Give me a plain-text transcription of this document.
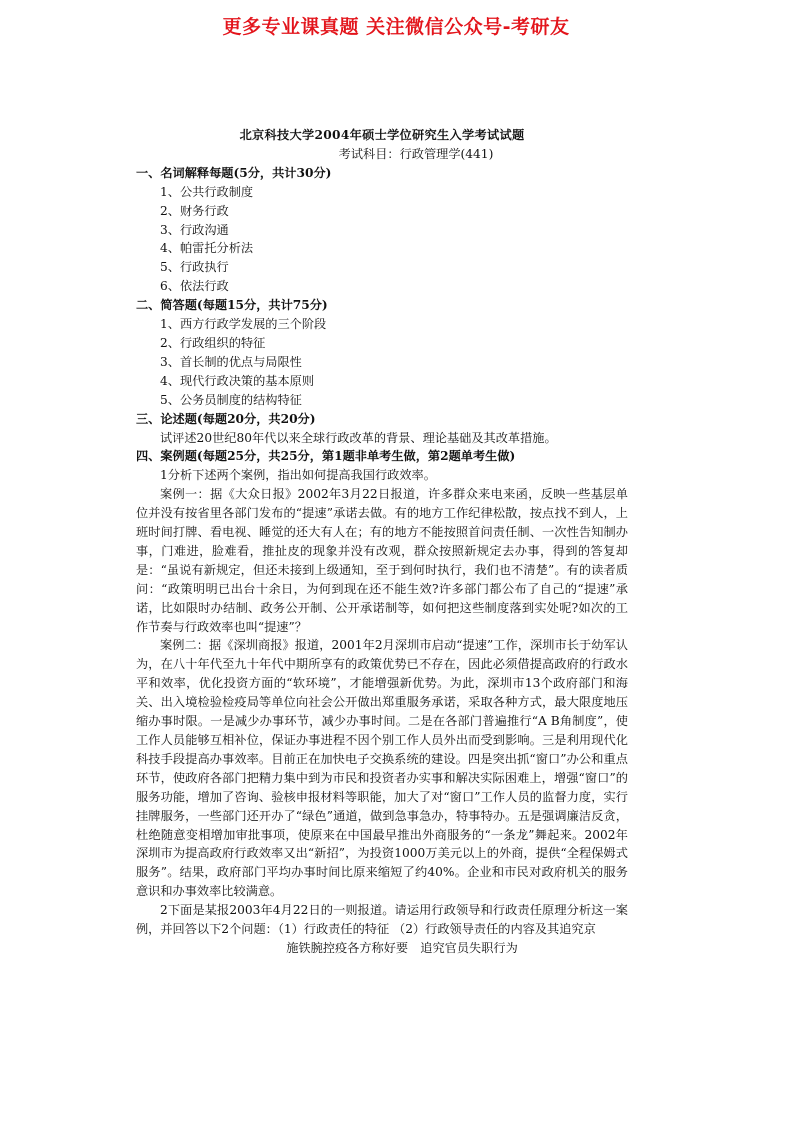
更多专业课真题 关注微信公众号-考研友
北京科技大学2004年硕士学位研究生入学考试试题
考试科目：行政管理学(441)
一、名词解释每题(5分，共计30分)
1、公共行政制度
2、财务行政
3、行政沟通
4、帕雷托分析法
5、行政执行
6、依法行政
二、简答题(每题15分，共计75分)
1、西方行政学发展的三个阶段
2、行政组织的特征
3、首长制的优点与局限性
4、现代行政决策的基本原则
5、公务员制度的结构特征
三、论述题(每题20分，共20分)
试评述20世纪80年代以来全球行政改革的背景、理论基础及其改革措施。
四、案例题(每题25分，共25分，第1题非单考生做，第2题单考生做)
1分析下述两个案例，指出如何提高我国行政效率。
案例一：据《大众日报》2002年3月22日报道，许多群众来电来函，反映一些基层单位并没有按省里各部门发布的“提速”承诺去做。有的地方工作纪律松散，按点找不到人，上班时间打牌、看电视、睡觉的还大有人在；有的地方不能按照首问责任制、一次性告知制办事，门难进，脸难看，推扯皮的现象并没有改观，群众按照新规定去办事，得到的答复却是：“虽说有新规定，但还未接到上级通知，至于到何时执行，我们也不清楚”。有的读者质问：“政策明明已出台十余日，为何到现在还不能生效?许多部门都公布了自己的“提速”承诺，比如限时办结制、政务公开制、公开承诺制等，如何把这些制度落到实处呢?如次的工作节奏与行政效率也叫“提速”？
案例二：据《深圳商报》报道，2001年2月深圳市启动“提速”工作，深圳市长于幼军认为，在八十年代至九十年代中期所享有的政策优势已不存在，因此必须借提高政府的行政水平和效率，优化投资方面的“软环境”，才能增强新优势。为此，深圳市13个政府部门和海关、出入境检验检疫局等单位向社会公开做出郑重服务承诺，采取各种方式，最大限度地压缩办事时限。一是减少办事环节，减少办事时间。二是在各部门普遍推行“A B角制度”，使工作人员能够互相补位，保证办事进程不因个别工作人员外出而受到影响。三是利用现代化科技手段提高办事效率。目前正在加快电子交换系统的建设。四是突出抓“窗口”办公和重点环节，使政府各部门把精力集中到为市民和投资者办实事和解决实际困难上，增强“窗口”的服务功能，增加了咨询、验核申报材料等职能，加大了对“窗口”工作人员的监督力度，实行挂牌服务，一些部门还开办了“绿色”通道，做到急事急办，特事特办。五是强调廉洁反贪，杜绝随意变相增加审批事项，使原来在中国最早推出外商服务的“一条龙”舞起来。2002年深圳市为提高政府行政效率又出“新招”，为投资1000万美元以上的外商，提供“全程保姆式服务”。结果，政府部门平均办事时间比原来缩短了约40%。企业和市民对政府机关的服务意识和办事效率比较满意。
2下面是某报2003年4月22日的一则报道。请运用行政领导和行政责任原理分析这一案例，并回答以下2个问题：（1）行政责任的特征 （2）行政领导责任的内容及其追究京
施铁腕控疫各方称好要　追究官员失职行为
